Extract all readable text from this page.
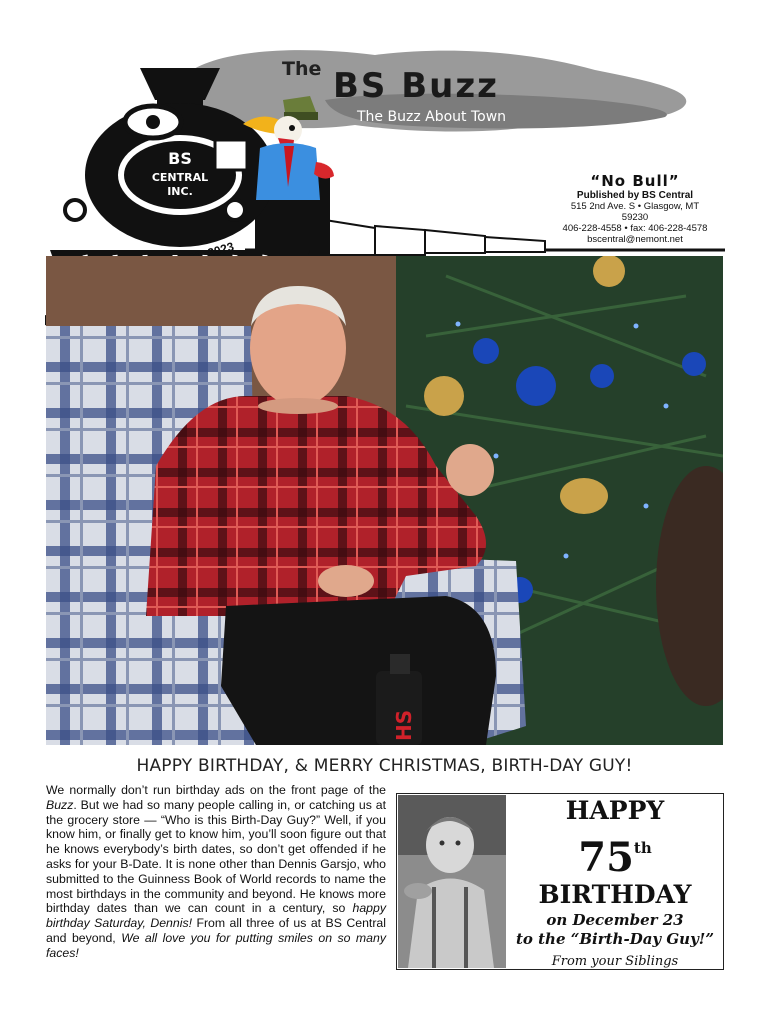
The BS Buzz
The Buzz About Town
BS
CENTRAL
INC.
“No Bull”
Published by BS Central
515 2nd Ave. S • Glasgow, MT 59230
406-228-4558 • fax: 406-228-4578
bscentral@nemont.net
HS
HAPPY BIRTHDAY, & MERRY CHRISTMAS, BIRTH-DAY GUY!
We normally don’t run birthday ads on the front page of the Buzz. But we had so many people calling in, or catching us at the grocery store — “Who is this Birth-Day Guy?” Well, if you know him, or finally get to know him, you’ll soon figure out that he knows everybody’s birth dates, so don’t get offended if he asks for your B-Date. It is none other than Dennis Garsjo, who submitted to the Guinness Book of World records to name the most birthdays in the community and beyond. He knows more birthday dates than we can count in a century, so happy birthday Saturday, Dennis! From all three of us at BS Central and beyond, We all love you for putting smiles on so many faces!
HAPPY
75th
BIRTHDAY
on December 23
to the “Birth-Day Guy!”
From your Siblings
